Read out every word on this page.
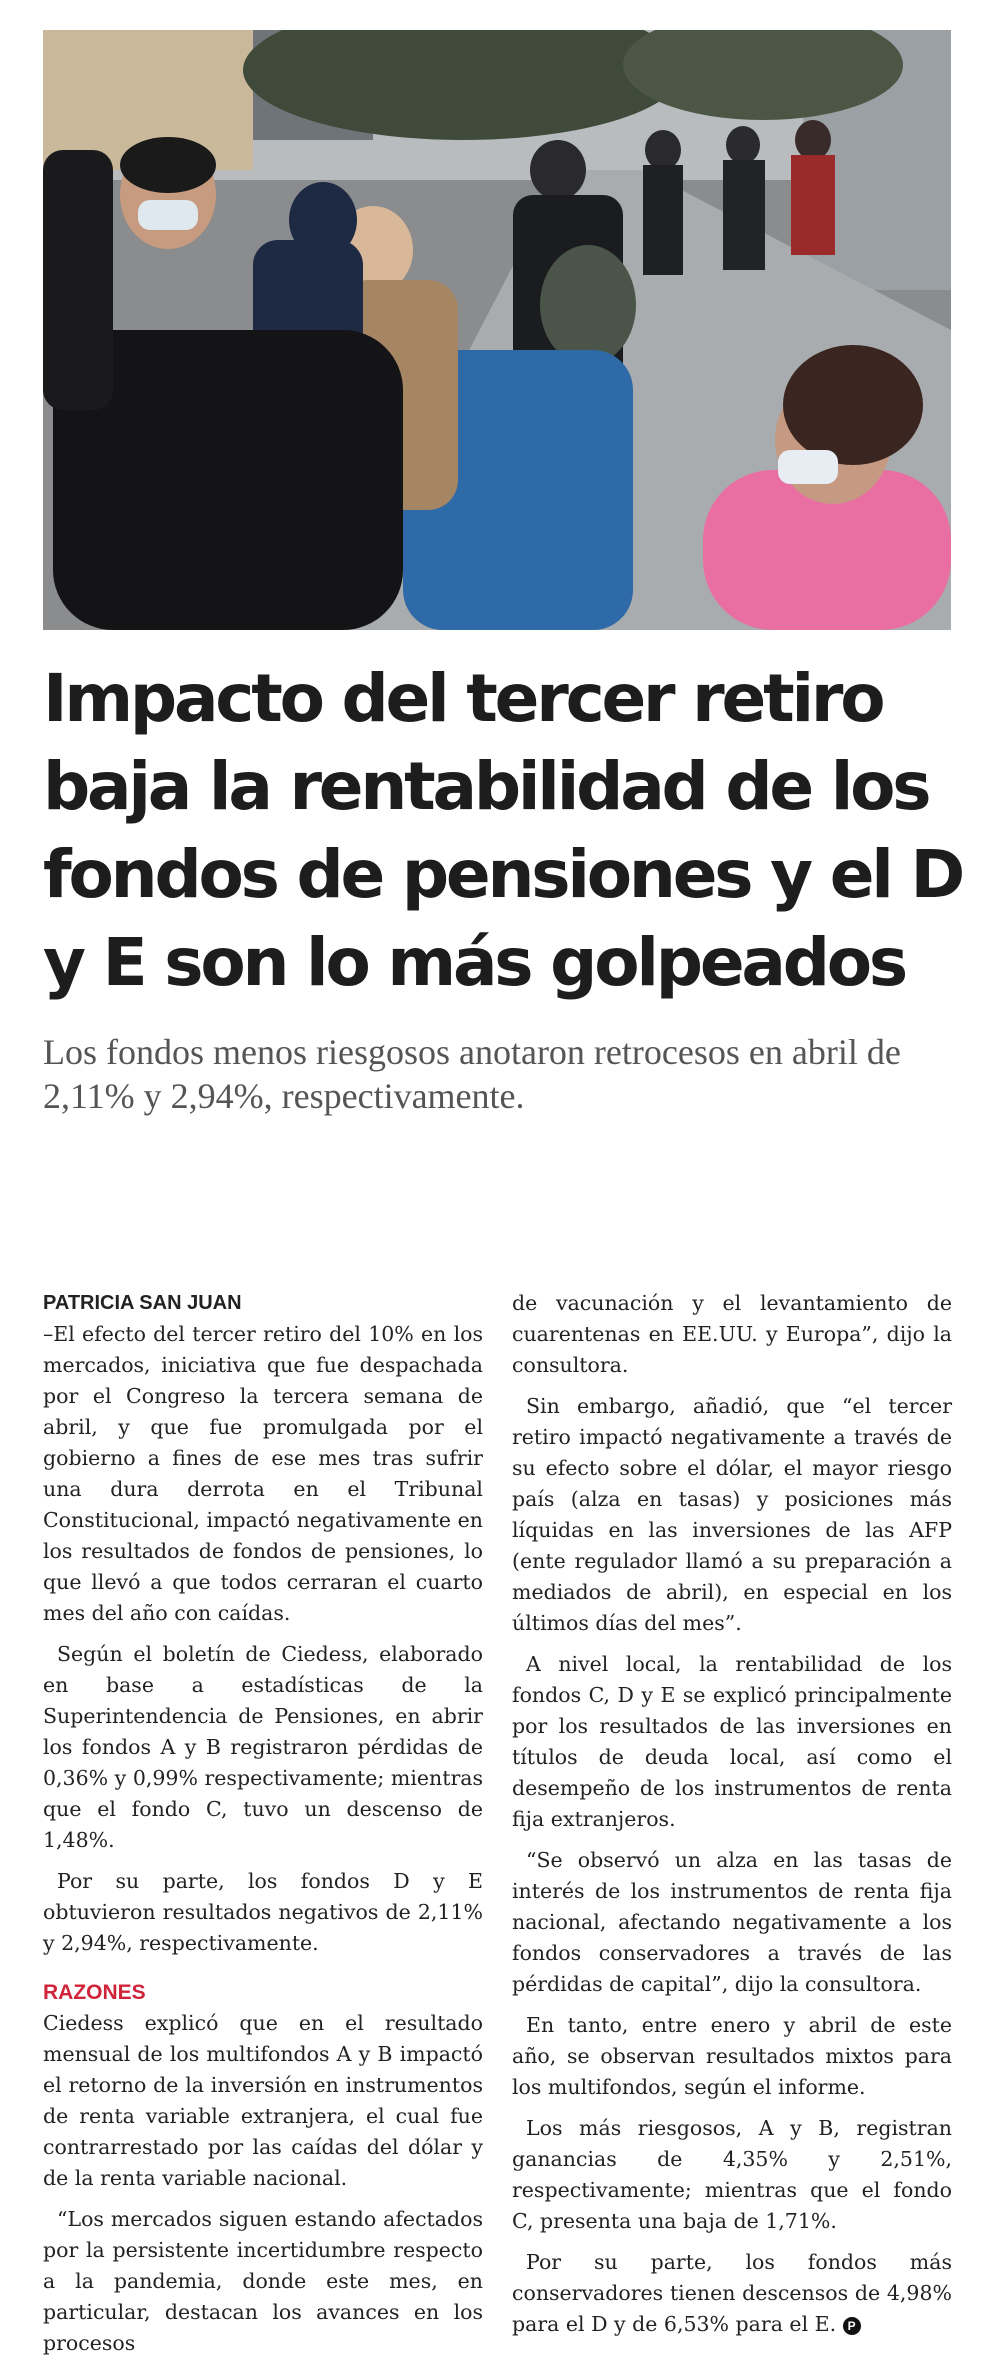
Impacto del tercer retiro baja la rentabilidad de los fondos de pensiones y el D y E son lo más golpeados

Los fondos menos riesgosos anotaron retrocesos en abril de 2,11% y 2,94%, respectivamente.

PATRICIA SAN JUAN

–El efecto del tercer retiro del 10% en los mercados, iniciativa que fue despachada por el Congreso la tercera semana de abril, y que fue promulgada por el gobierno a fines de ese mes tras sufrir una dura derrota en el Tribunal Constitucional, impactó negativamente en los resultados de fondos de pensiones, lo que llevó a que todos cerraran el cuarto mes del año con caídas.

Según el boletín de Ciedess, elaborado en base a estadísticas de la Superintendencia de Pensiones, en abrir los fondos A y B registraron pérdidas de 0,36% y 0,99% respectivamente; mientras que el fondo C, tuvo un descenso de 1,48%.

Por su parte, los fondos D y E obtuvieron resultados negativos de 2,11% y 2,94%, respectivamente.

RAZONES

Ciedess explicó que en el resultado mensual de los multifondos A y B impactó el retorno de la inversión en instrumentos de renta variable extranjera, el cual fue contrarrestado por las caídas del dólar y de la renta variable nacional.

“Los mercados siguen estando afectados por la persistente incertidumbre respecto a la pandemia, donde este mes, en particular, destacan los avances en los procesos

de vacunación y el levantamiento de cuarentenas en EE.UU. y Europa”, dijo la consultora.

Sin embargo, añadió, que “el tercer retiro impactó negativamente a través de su efecto sobre el dólar, el mayor riesgo país (alza en tasas) y posiciones más líquidas en las inversiones de las AFP (ente regulador llamó a su preparación a mediados de abril), en especial en los últimos días del mes”.

A nivel local, la rentabilidad de los fondos C, D y E se explicó principalmente por los resultados de las inversiones en títulos de deuda local, así como el desempeño de los instrumentos de renta fija extranjeros.

“Se observó un alza en las tasas de interés de los instrumentos de renta fija nacional, afectando negativamente a los fondos conservadores a través de las pérdidas de capital”, dijo la consultora.

En tanto, entre enero y abril de este año, se observan resultados mixtos para los multifondos, según el informe.

Los más riesgosos, A y B, registran ganancias de 4,35% y 2,51%, respectivamente; mientras que el fondo C, presenta una baja de 1,71%.

Por su parte, los fondos más conservadores tienen descensos de 4,98% para el D y de 6,53% para el E. P
